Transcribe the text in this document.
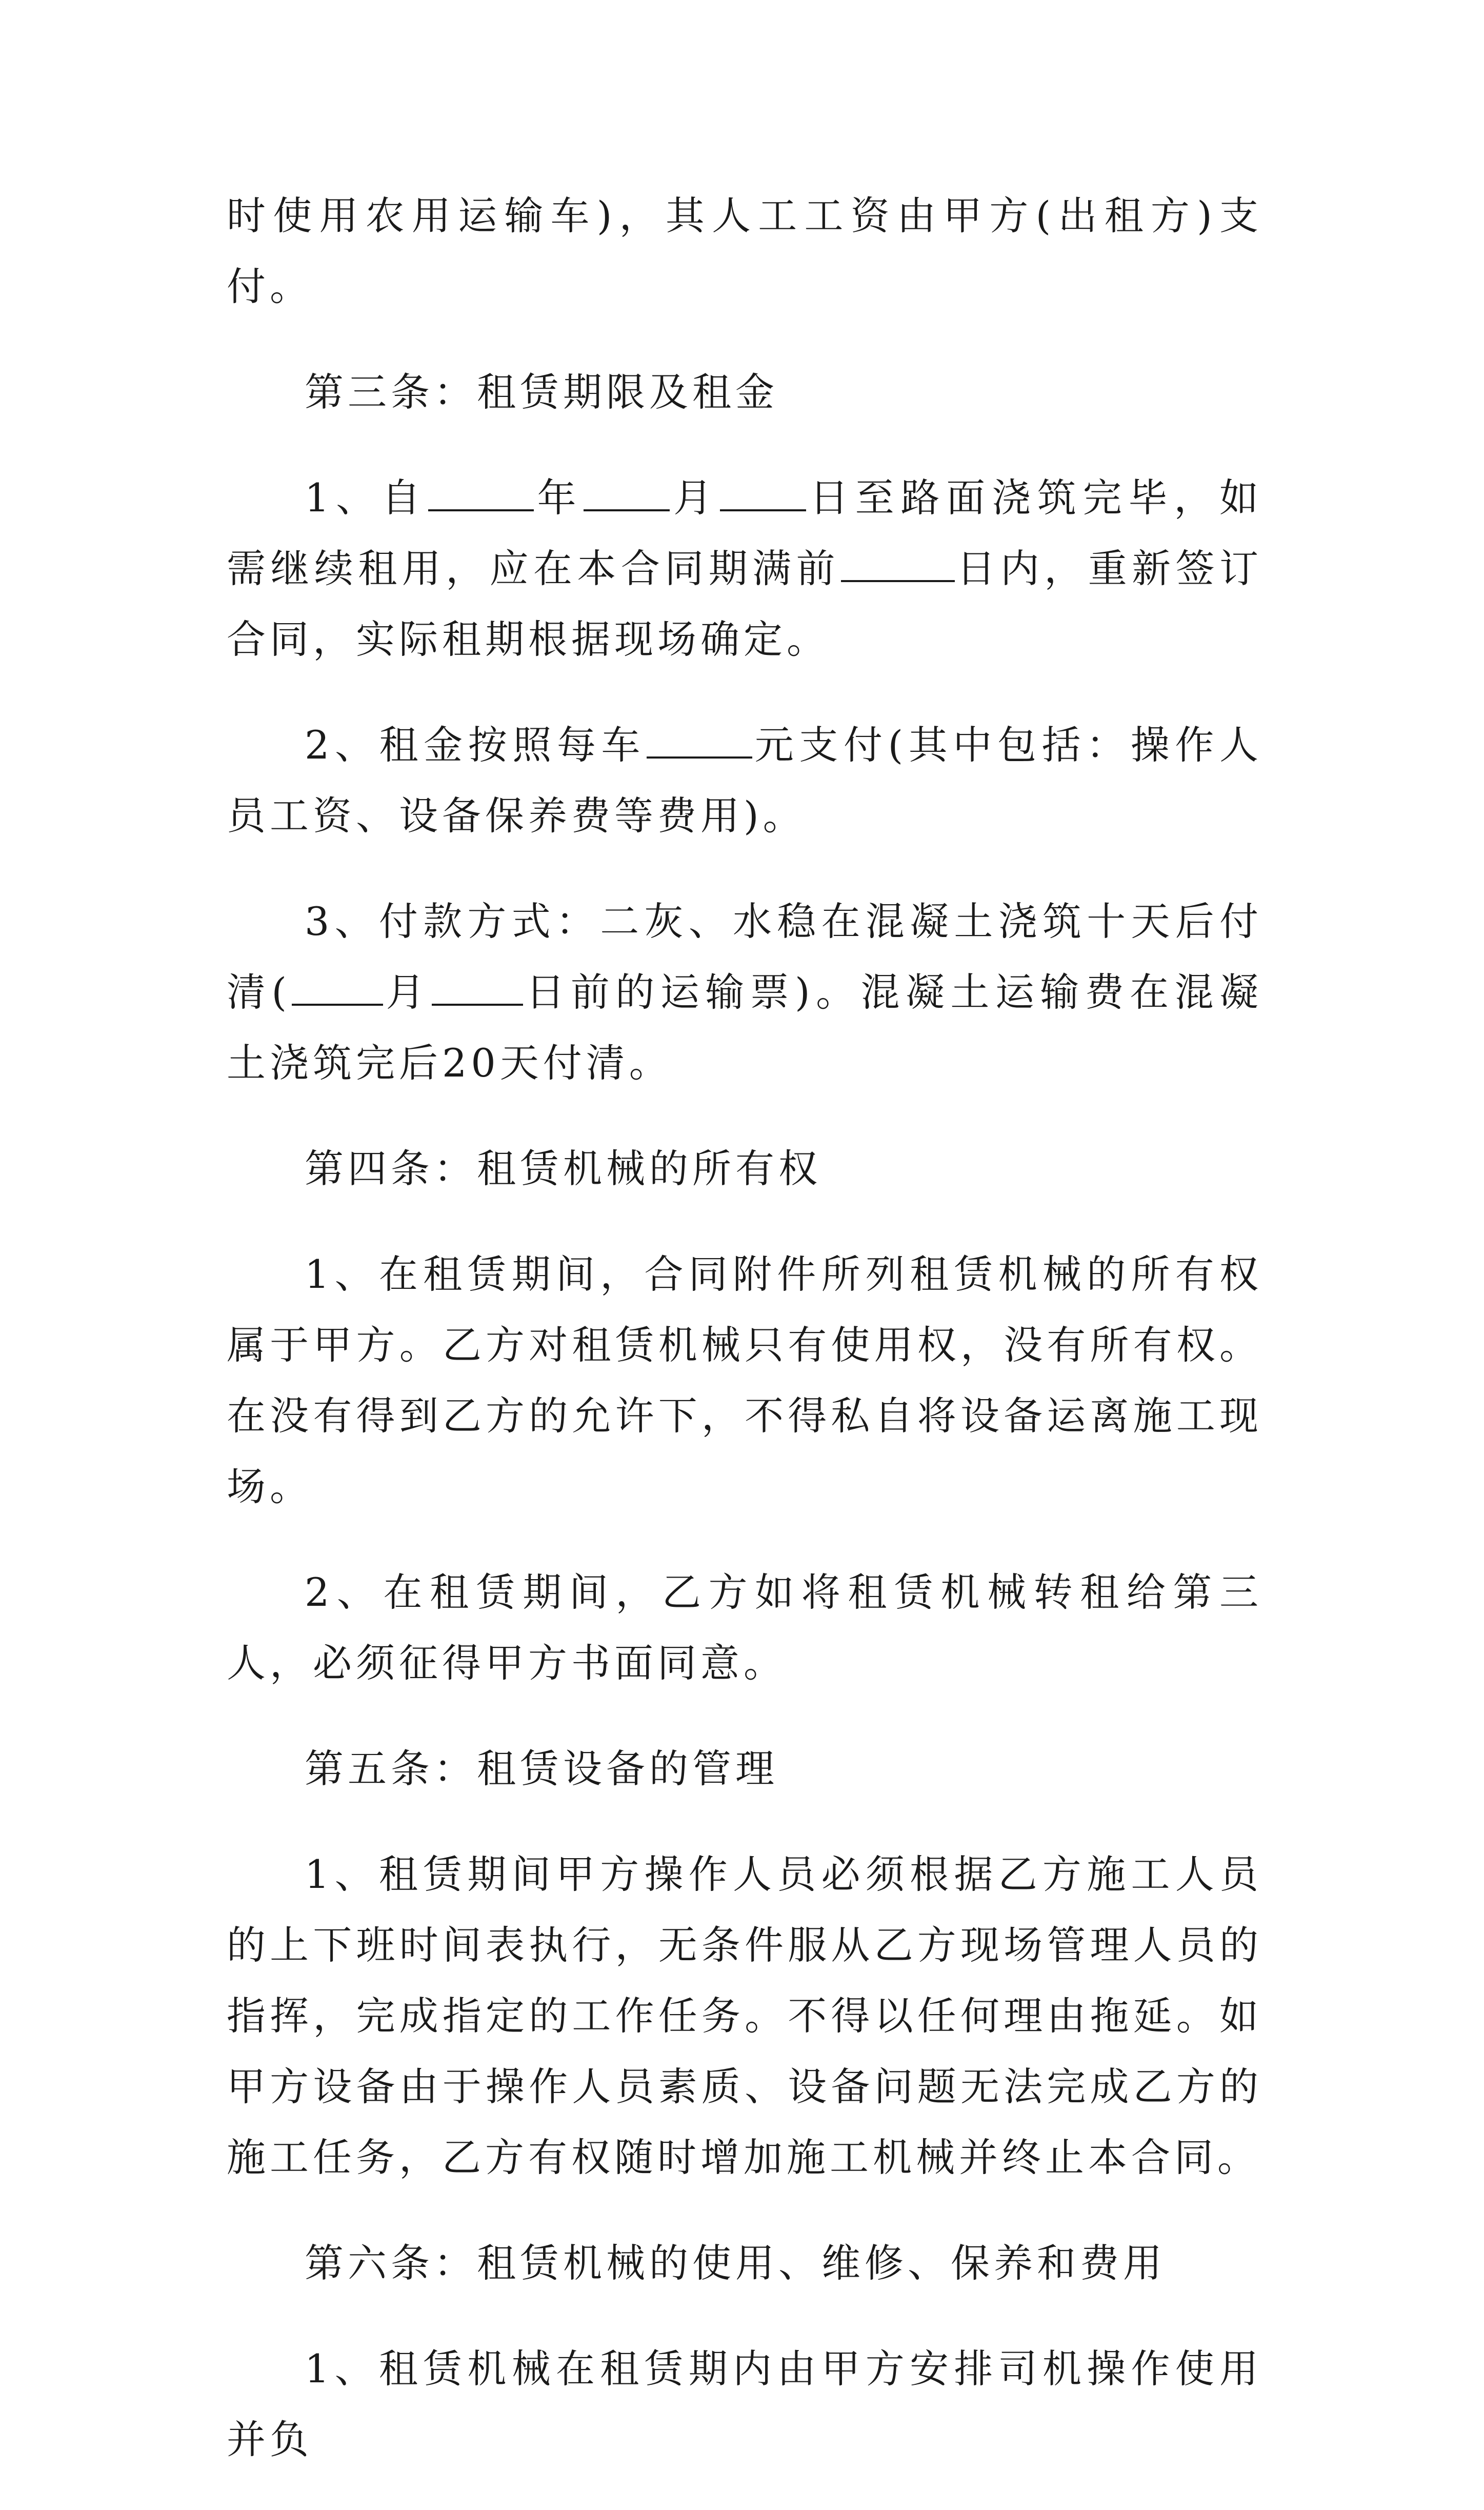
时使用农用运输车)，其人工工资由甲方(出租方)支付。

第三条：租赁期限及租金

1、自	年 月 日至路面浇筑完毕，如需继续租用，应在本合同期满前	日内，重新签订合同，实际租期根据现场确定。

2、租金按照每车	元支付(其中包括：操作人员工资、设备保养费等费用)。

3、付款方式：二灰、水稳在混凝土浇筑十天后付清( 月 日前的运输票)。混凝土运输费在混凝土浇筑完后20天付清。

第四条：租赁机械的所有权

1、在租赁期间，合同附件所列租赁机械的所有权属于甲方。乙方对租赁机械只有使用权，没有所有权。在没有得到乙方的允许下，不得私自将设备运离施工现场。

2、在租赁期间，乙方如将租赁机械转租给第三人，必须征得甲方书面同意。

第五条：租赁设备的管理

1、租赁期间甲方操作人员必须根据乙方施工人员的上下班时间表执行，无条件服从乙方现场管理人员的指挥，完成指定的工作任务。不得以任何理由拖延。如甲方设备由于操作人员素质、设备问题无法完成乙方的施工任务，乙方有权随时增加施工机械并终止本合同。

第六条：租赁机械的使用、维修、保养和费用

1、租赁机械在租赁期内由甲方安排司机操作使用并负
